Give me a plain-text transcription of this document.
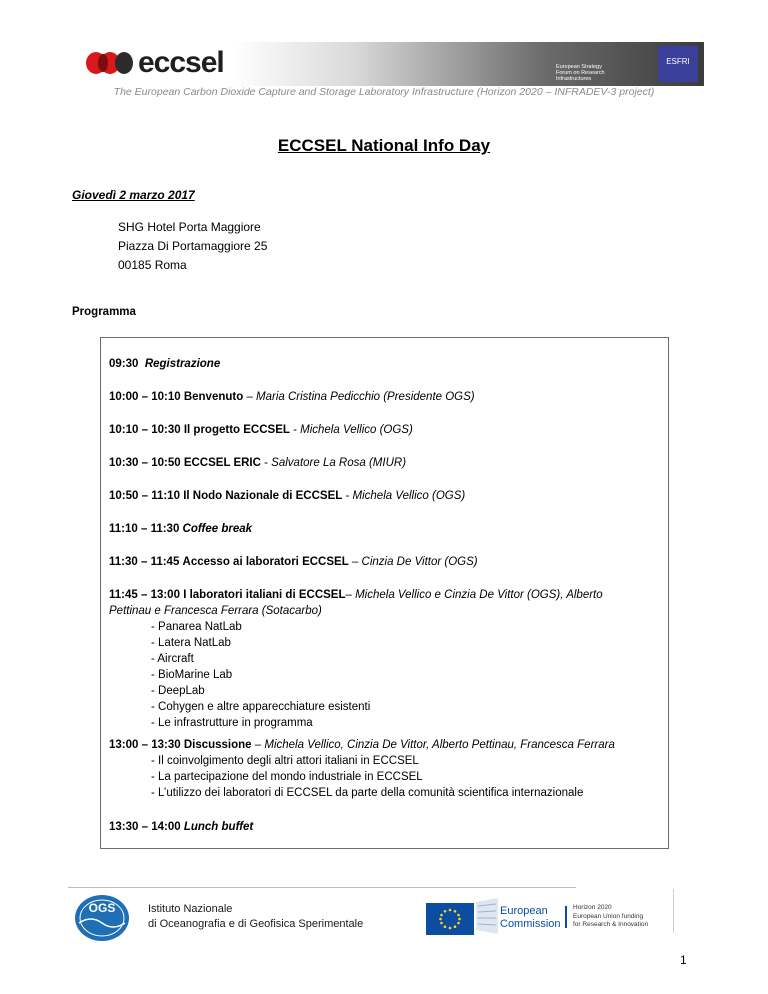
eccsel	European Strategy Forum on Research Infrastructures
ESFRI
The European Carbon Dioxide Capture and Storage Laboratory Infrastructure (Horizon 2020 – INFRADEV-3 project)
ECCSEL National Info Day
Giovedì 2 marzo 2017
SHG Hotel Porta Maggiore
Piazza Di Portamaggiore 25
00185 Roma
Programma
09:30 Registrazione
10:00 – 10:10 Benvenuto – Maria Cristina Pedicchio (Presidente OGS)
10:10 – 10:30 Il progetto ECCSEL - Michela Vellico (OGS)
10:30 – 10:50 ECCSEL ERIC - Salvatore La Rosa (MIUR)
10:50 – 11:10 Il Nodo Nazionale di ECCSEL - Michela Vellico (OGS)
11:10 – 11:30 Coffee break
11:30 – 11:45 Accesso ai laboratori ECCSEL – Cinzia De Vittor (OGS)
11:45 – 13:00 I laboratori italiani di ECCSEL– Michela Vellico e Cinzia De Vittor (OGS), Alberto
Pettinau e Francesca Ferrara (Sotacarbo)
- Panarea NatLab
- Latera NatLab
- Aircraft
- BioMarine Lab
- DeepLab
- Cohygen e altre apparecchiature esistenti
- Le infrastrutture in programma
13:00 – 13:30 Discussione – Michela Vellico, Cinzia De Vittor, Alberto Pettinau, Francesca Ferrara
- Il coinvolgimento degli altri attori italiani in ECCSEL
- La partecipazione del mondo industriale in ECCSEL
- L’utilizzo dei laboratori di ECCSEL da parte della comunità scientifica internazionale
13:30 – 14:00 Lunch buffet
OGS	Istituto Nazionale
di Oceanografia e di Geofisica Sperimentale
European
Commission
Horizon 2020
European Union funding
for Research & Innovation
1
